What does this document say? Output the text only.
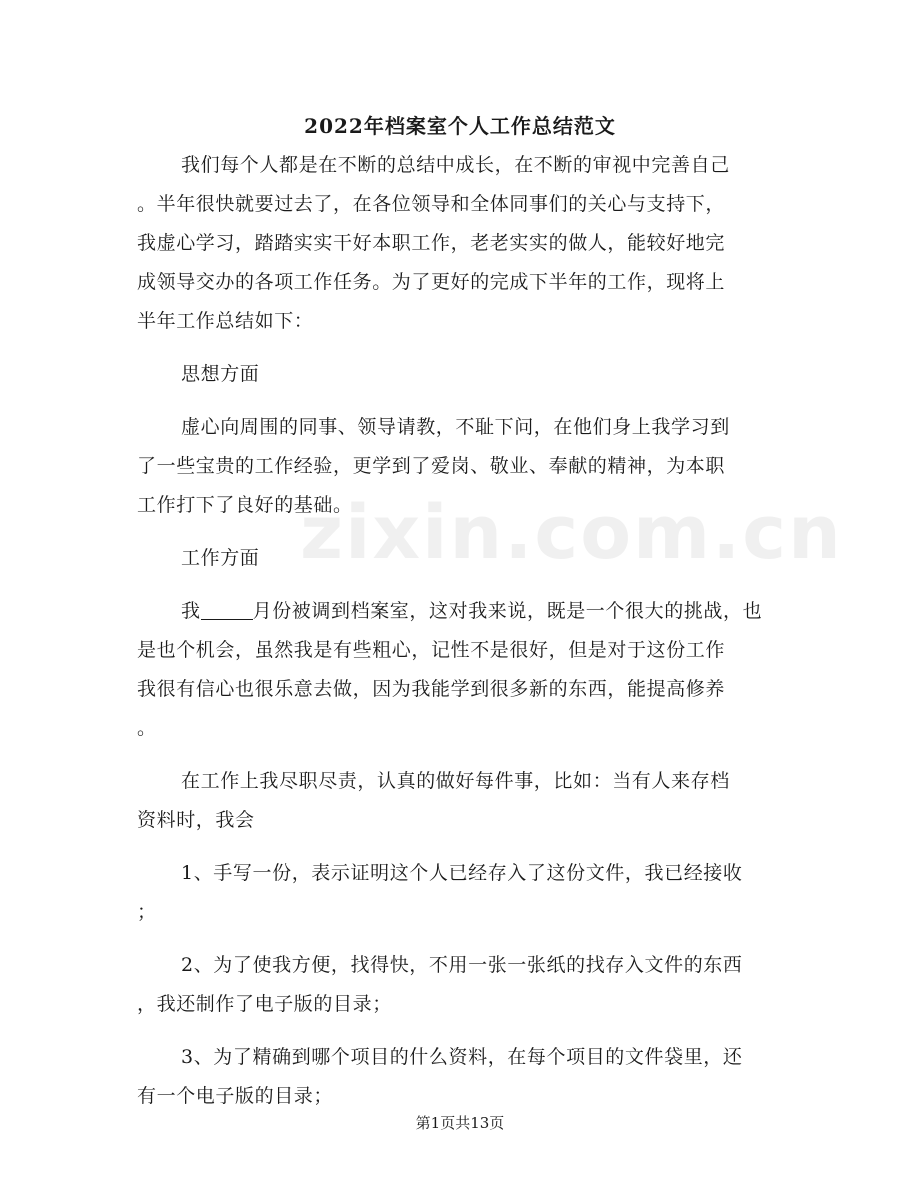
2022年档案室个人工作总结范文
我们每个人都是在不断的总结中成长，在不断的审视中完善自己
。半年很快就要过去了，在各位领导和全体同事们的关心与支持下，
我虚心学习，踏踏实实干好本职工作，老老实实的做人，能较好地完
成领导交办的各项工作任务。为了更好的完成下半年的工作，现将上
半年工作总结如下：
思想方面
虚心向周围的同事、领导请教，不耻下问，在他们身上我学习到
了一些宝贵的工作经验，更学到了爱岗、敬业、奉献的精神，为本职
工作打下了良好的基础。
工作方面
我	月份被调到档案室，这对我来说，既是一个很大的挑战，也
是也个机会，虽然我是有些粗心，记性不是很好，但是对于这份工作
我很有信心也很乐意去做，因为我能学到很多新的东西，能提高修养
。
在工作上我尽职尽责，认真的做好每件事，比如：当有人来存档
资料时，我会
1、手写一份，表示证明这个人已经存入了这份文件，我已经接收
；
2、为了使我方便，找得快，不用一张一张纸的找存入文件的东西
，我还制作了电子版的目录；
3、为了精确到哪个项目的什么资料，在每个项目的文件袋里，还
有一个电子版的目录；
zixin.com.cn
第1页共13页
